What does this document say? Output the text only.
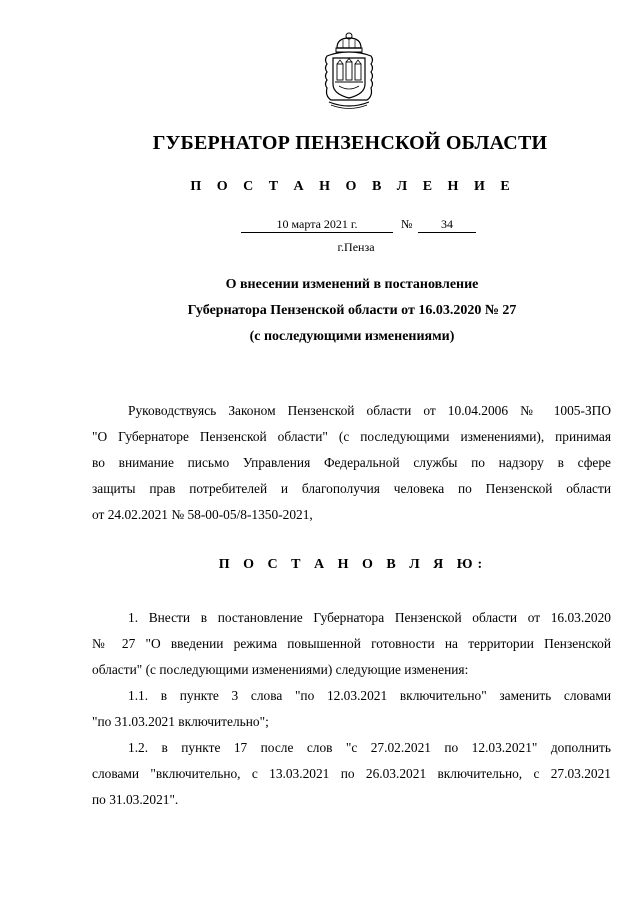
ГУБЕРНАТОР ПЕНЗЕНСКОЙ ОБЛАСТИ
П О С Т А Н О В Л Е Н И Е
10 марта 2021 г.	№	34
г.Пенза
О внесении изменений в постановление
Губернатора Пензенской области от 16.03.2020 № 27
(с последующими изменениями)
Руководствуясь Законом Пензенской области от 10.04.2006 № 1005-ЗПО
"О Губернаторе Пензенской области" (с последующими изменениями), принимая
во внимание письмо Управления Федеральной службы по надзору в сфере
защиты прав потребителей и благополучия человека по Пензенской области
от 24.02.2021 № 58-00-05/8-1350-2021,
П О С Т А Н О В Л Я Ю:
1. Внести в постановление Губернатора Пензенской области от 16.03.2020
№ 27 "О введении режима повышенной готовности на территории Пензенской
области" (с последующими изменениями) следующие изменения:
1.1. в пункте 3 слова "по 12.03.2021 включительно" заменить словами
"по 31.03.2021 включительно";
1.2. в пункте 17 после слов "с 27.02.2021 по 12.03.2021" дополнить
словами "включительно, с 13.03.2021 по 26.03.2021 включительно, с 27.03.2021
по 31.03.2021".
